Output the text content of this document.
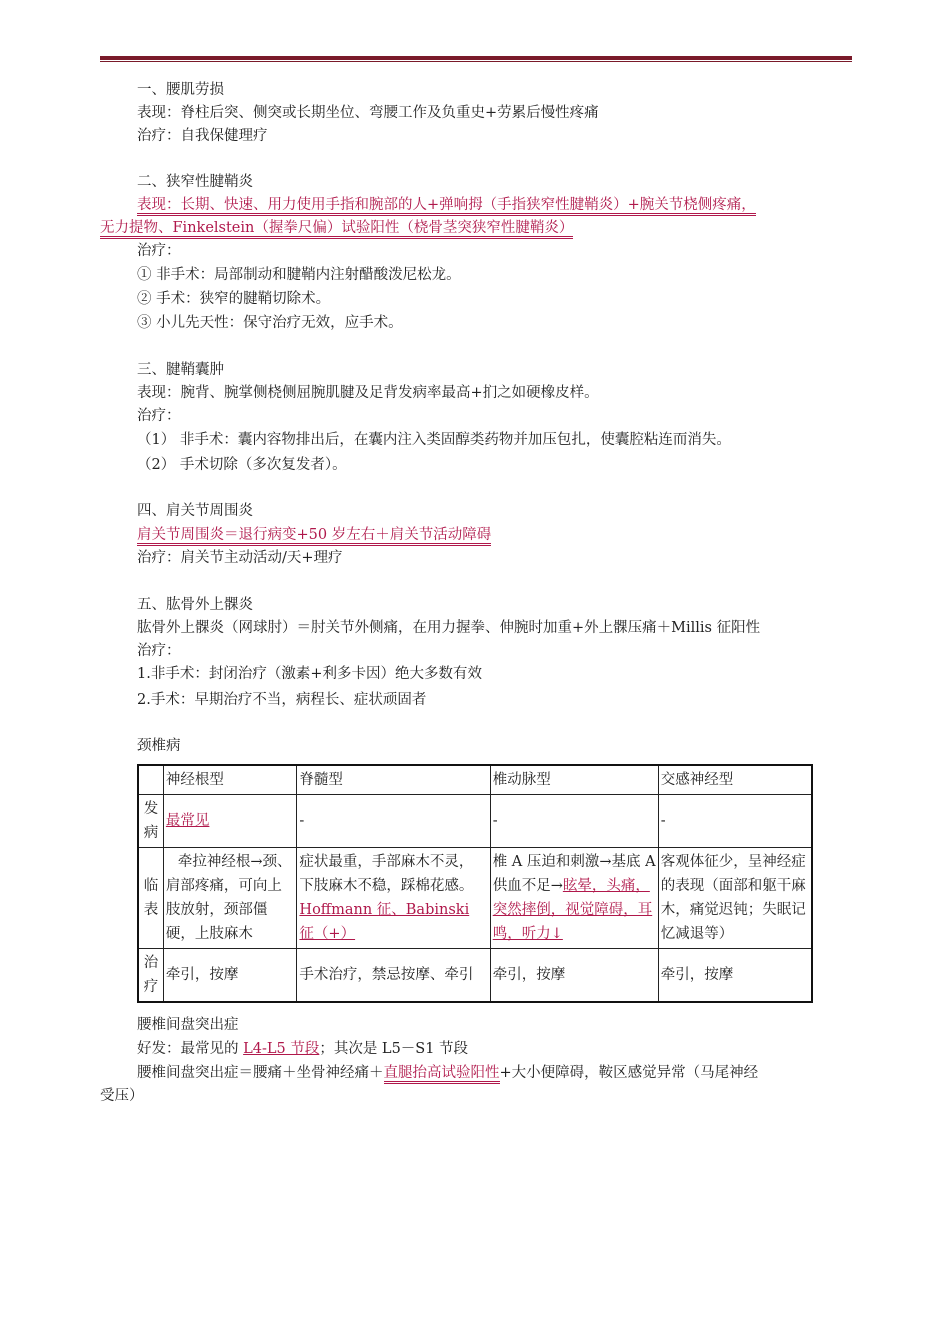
一、腰肌劳损
表现：脊柱后突、侧突或长期坐位、弯腰工作及负重史+劳累后慢性疼痛
治疗：自我保健理疗
二、狭窄性腱鞘炎
表现：长期、快速、用力使用手指和腕部的人+弹响拇（手指狭窄性腱鞘炎）+腕关节桡侧疼痛，
无力提物、Finkelstein（握拳尺偏）试验阳性（桡骨茎突狭窄性腱鞘炎）
治疗：
① 非手术：局部制动和腱鞘内注射醋酸泼尼松龙。
② 手术：狭窄的腱鞘切除术。
③ 小儿先天性：保守治疗无效，应手术。
三、腱鞘囊肿
表现：腕背、腕掌侧桡侧屈腕肌腱及足背发病率最高+扪之如硬橡皮样。
治疗：
（1） 非手术：囊内容物排出后，在囊内注入类固醇类药物并加压包扎，使囊腔粘连而消失。
（2） 手术切除（多次复发者）。
四、肩关节周围炎
肩关节周围炎＝退行病变+50 岁左右＋肩关节活动障碍
治疗：肩关节主动活动/天+理疗
五、肱骨外上髁炎
肱骨外上髁炎（网球肘）＝肘关节外侧痛，在用力握拳、伸腕时加重+外上髁压痛＋Millis 征阳性
治疗：
1.非手术：封闭治疗（激素+利多卡因）绝大多数有效
2.手术：早期治疗不当，病程长、症状顽固者
颈椎病
	神经根型	脊髓型	椎动脉型	交感神经型
发病	最常见	-	-	-
临表	牵拉神经根→颈、肩部疼痛，可向上肢放射，颈部僵硬，上肢麻木	症状最重，手部麻木不灵，下肢麻木不稳，踩棉花感。Hoffmann 征、Babinski 征（+）	椎 A 压迫和刺激→基底 A 供血不足→眩晕，头痛，突然摔倒，视觉障碍，耳鸣，听力↓	客观体征少，呈神经症的表现（面部和躯干麻木，痛觉迟钝；失眠记忆减退等）
治疗	牵引，按摩	手术治疗，禁忌按摩、牵引	牵引，按摩	牵引，按摩
腰椎间盘突出症
好发：最常见的 L4-L5 节段；其次是 L5－S1 节段
腰椎间盘突出症＝腰痛＋坐骨神经痛＋直腿抬高试验阳性+大小便障碍，鞍区感觉异常（马尾神经
受压）
